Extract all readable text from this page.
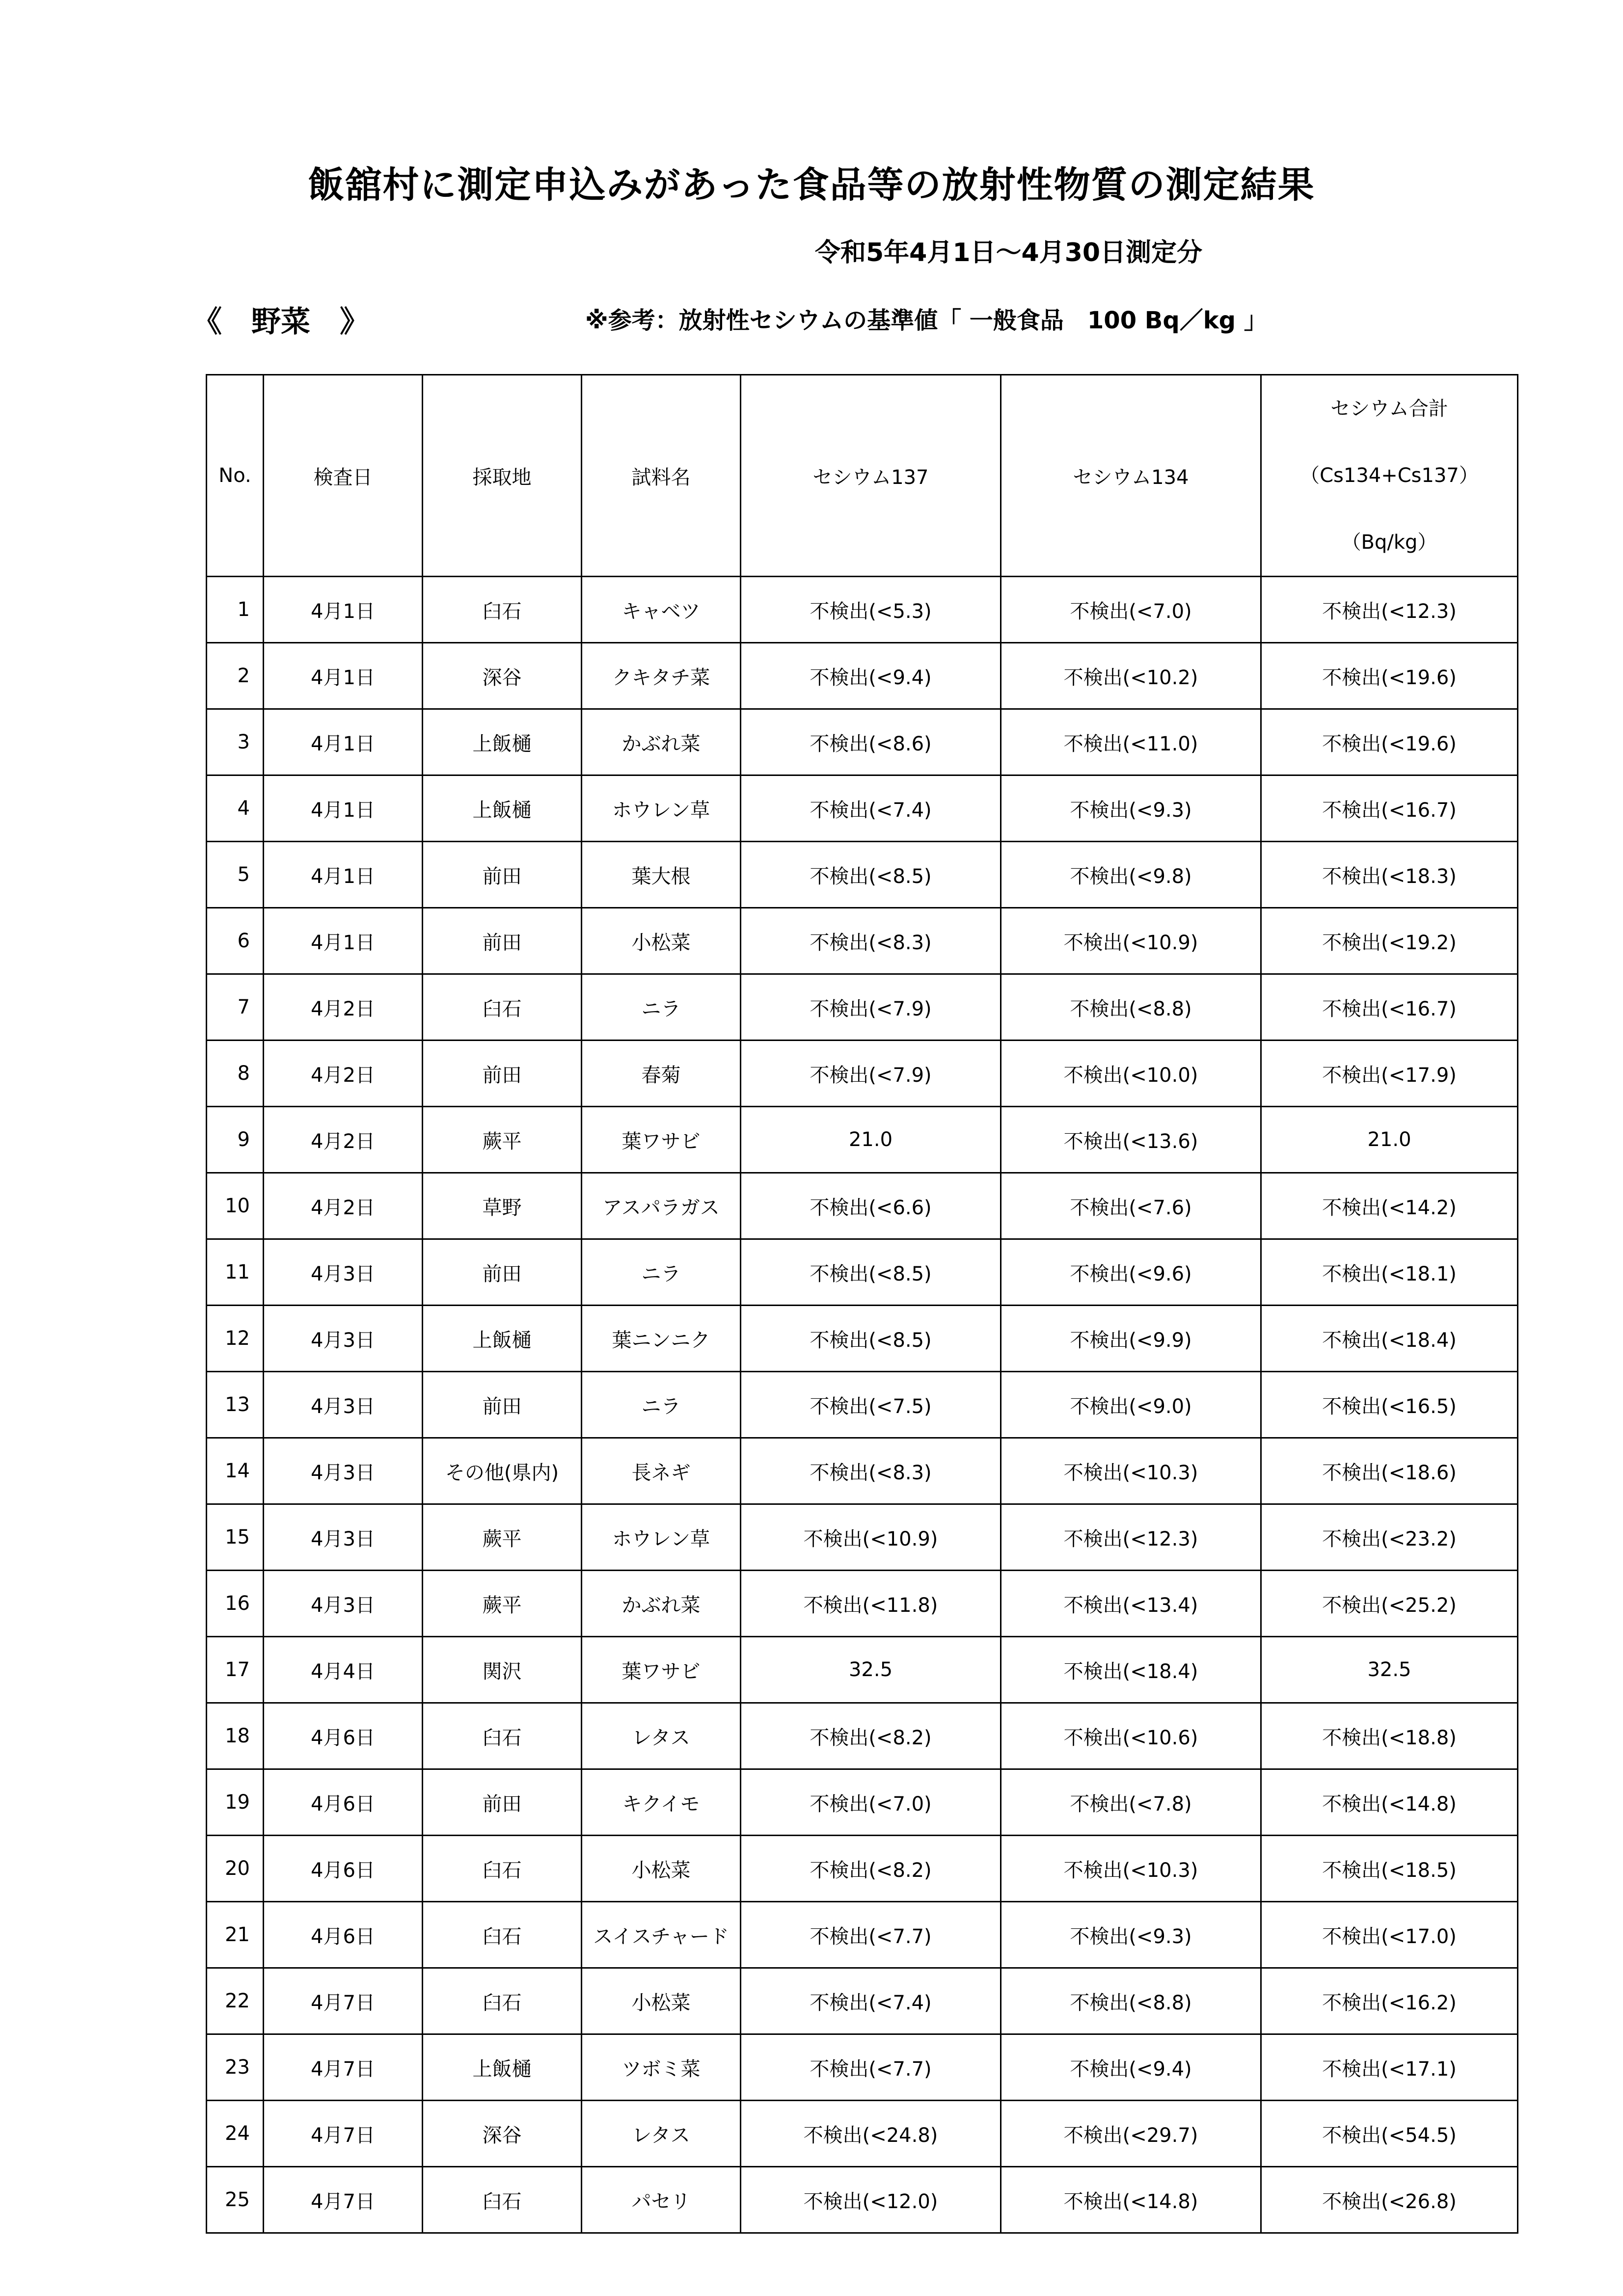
飯舘村に測定申込みがあった食品等の放射性物質の測定結果
令和5年4月1日～4月30日測定分
《　野菜　》	※参考：放射性セシウムの基準値「 一般食品　100 Bq／kg 」
No.	検査日	採取地	試料名	セシウム137	セシウム134	セシウム合計
（Cs134+Cs137）
（Bq/kg）

1	4月1日	臼石	キャベツ	不検出(<5.3)	不検出(<7.0)	不検出(<12.3)
2	4月1日	深谷	クキタチ菜	不検出(<9.4)	不検出(<10.2)	不検出(<19.6)
3	4月1日	上飯樋	かぶれ菜	不検出(<8.6)	不検出(<11.0)	不検出(<19.6)
4	4月1日	上飯樋	ホウレン草	不検出(<7.4)	不検出(<9.3)	不検出(<16.7)
5	4月1日	前田	葉大根	不検出(<8.5)	不検出(<9.8)	不検出(<18.3)
6	4月1日	前田	小松菜	不検出(<8.3)	不検出(<10.9)	不検出(<19.2)
7	4月2日	臼石	ニラ	不検出(<7.9)	不検出(<8.8)	不検出(<16.7)
8	4月2日	前田	春菊	不検出(<7.9)	不検出(<10.0)	不検出(<17.9)
9	4月2日	蕨平	葉ワサビ	21.0	不検出(<13.6)	21.0
10	4月2日	草野	アスパラガス	不検出(<6.6)	不検出(<7.6)	不検出(<14.2)
11	4月3日	前田	ニラ	不検出(<8.5)	不検出(<9.6)	不検出(<18.1)
12	4月3日	上飯樋	葉ニンニク	不検出(<8.5)	不検出(<9.9)	不検出(<18.4)
13	4月3日	前田	ニラ	不検出(<7.5)	不検出(<9.0)	不検出(<16.5)
14	4月3日	その他(県内)	長ネギ	不検出(<8.3)	不検出(<10.3)	不検出(<18.6)
15	4月3日	蕨平	ホウレン草	不検出(<10.9)	不検出(<12.3)	不検出(<23.2)
16	4月3日	蕨平	かぶれ菜	不検出(<11.8)	不検出(<13.4)	不検出(<25.2)
17	4月4日	関沢	葉ワサビ	32.5	不検出(<18.4)	32.5
18	4月6日	臼石	レタス	不検出(<8.2)	不検出(<10.6)	不検出(<18.8)
19	4月6日	前田	キクイモ	不検出(<7.0)	不検出(<7.8)	不検出(<14.8)
20	4月6日	臼石	小松菜	不検出(<8.2)	不検出(<10.3)	不検出(<18.5)
21	4月6日	臼石	スイスチャード	不検出(<7.7)	不検出(<9.3)	不検出(<17.0)
22	4月7日	臼石	小松菜	不検出(<7.4)	不検出(<8.8)	不検出(<16.2)
23	4月7日	上飯樋	ツボミ菜	不検出(<7.7)	不検出(<9.4)	不検出(<17.1)
24	4月7日	深谷	レタス	不検出(<24.8)	不検出(<29.7)	不検出(<54.5)
25	4月7日	臼石	パセリ	不検出(<12.0)	不検出(<14.8)	不検出(<26.8)
